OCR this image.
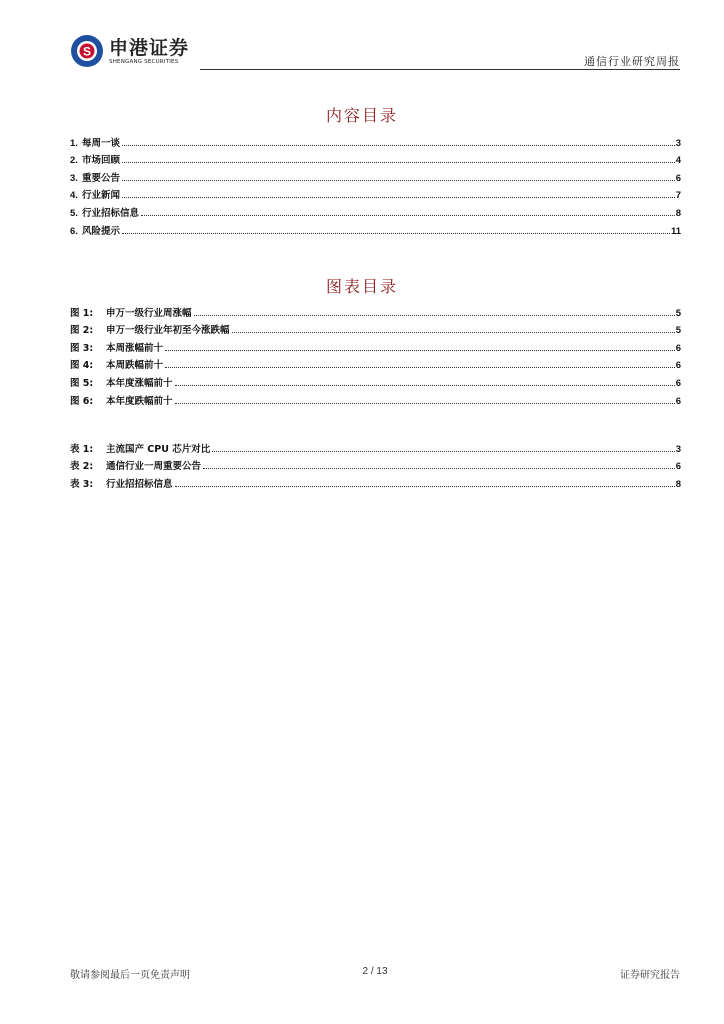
S 申港证券
SHENGANG SECURITIES	通信行业研究周报
内容目录
1. 每周一谈	3
2. 市场回顾	4
3. 重要公告	6
4. 行业新闻	7
5. 行业招标信息	8
6. 风险提示	11
图表目录
图 1:	申万一级行业周涨幅	5
图 2:	申万一级行业年初至今涨跌幅	5
图 3:	本周涨幅前十	6
图 4:	本周跌幅前十	6
图 5:	本年度涨幅前十	6
图 6:	本年度跌幅前十	6
表 1:	主流国产 CPU 芯片对比	3
表 2:	通信行业一周重要公告	6
表 3:	行业招招标信息	8
敬请参阅最后一页免责声明	2 / 13	证券研究报告
